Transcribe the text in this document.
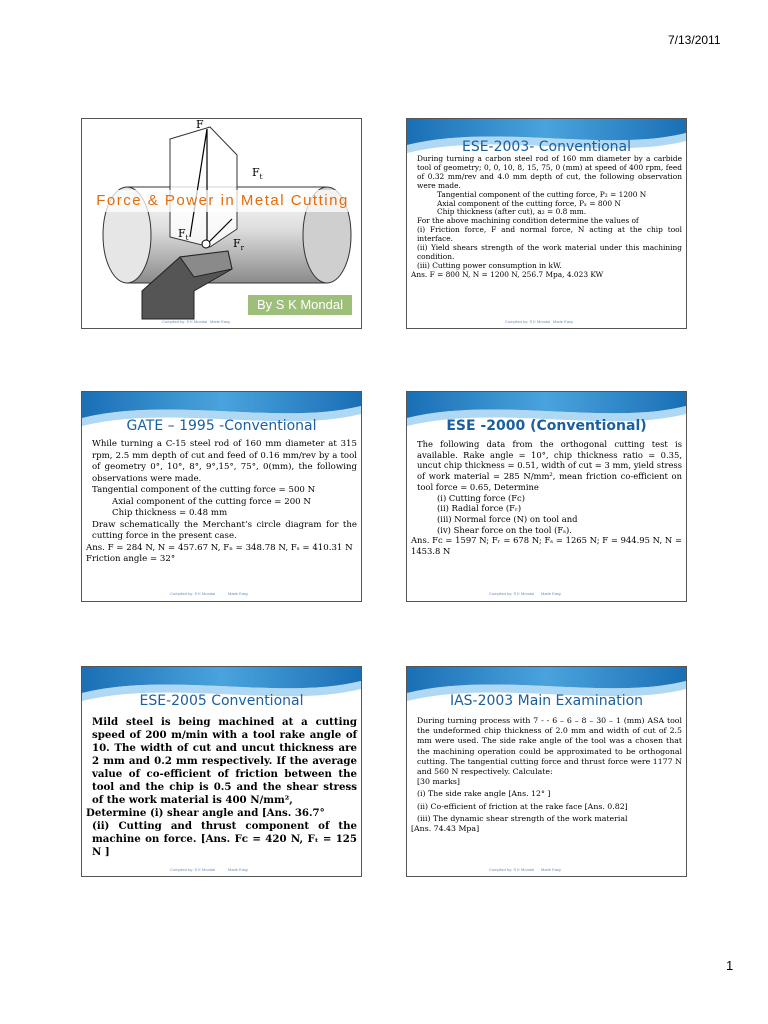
7/13/2011
F
$F_t$
$F_t$	$F_r$
Force & Power in Metal Cutting
By S K Mondal
Compiled by: S K Mondal Made Easy
ESE-2003- Conventional

During turning a carbon steel rod of 160 mm diameter by a carbide tool of geometry; 0, 0, 10, 8, 15, 75, 0 (mm) at speed of 400 rpm, feed of 0.32 mm/rev and 4.0 mm depth of cut, the following observation were made.

Tangential component of the cutting force, P₂ = 1200 N

Axial component of the cutting force, Pₓ = 800 N

Chip thickness (after cut), a₂ = 0.8 mm.

For the above machining condition determine the values of

(i) Friction force, F and normal force, N acting at the chip tool interface.

(ii) Yield shears strength of the work material under this machining condition.

(iii) Cutting power consumption in kW.

Ans. F = 800 N, N = 1200 N, 256.7 Mpa, 4.023 KW

Compiled by: S K Mondal Made Easy
GATE – 1995 -Conventional

While turning a C-15 steel rod of 160 mm diameter at 315 rpm, 2.5 mm depth of cut and feed of 0.16 mm/rev by a tool of geometry 0°, 10°, 8°, 9°,15°, 75°, 0(mm), the following observations were made.

Tangential component of the cutting force = 500 N

Axial component of the cutting force = 200 N

Chip thickness = 0.48 mm

Draw schematically the Merchant’s circle diagram for the cutting force in the present case.

Ans. F = 284 N, N = 457.67 N, Fₙ = 348.78 N, Fₛ = 410.31 N

Friction angle = 32°

Compiled by: S K Mondal	Made Easy
ESE -2000 (Conventional)

The following data from the orthogonal cutting test is available. Rake angle = 10°, chip thickness ratio = 0.35, uncut chip thickness = 0.51, width of cut = 3 mm, yield stress of work material = 285 N/mm², mean friction co-efficient on tool force = 0.65, Determine

(i) Cutting force (Fᴄ)

(ii) Radial force (Fᵣ)

(iii) Normal force (N) on tool and

(iv) Shear force on the tool (Fₛ).

Ans. Fᴄ = 1597 N; Fᵣ = 678 N; Fₛ = 1265 N; F = 944.95 N, N = 1453.8 N

Compiled by: S K Mondal Made Easy
ESE-2005 Conventional

Mild steel is being machined at a cutting speed of 200 m/min with a tool rake angle of 10. The width of cut and uncut thickness are 2 mm and 0.2 mm respectively. If the average value of co-efficient of friction between the tool and the chip is 0.5 and the shear stress of the work material is 400 N/mm²,

Determine (i) shear angle and [Ans. 36.7°

(ii) Cutting and thrust component of the machine on force. [Ans. Fᴄ = 420 N, Fₜ = 125 N ]

Compiled by: S K Mondal	Made Easy
IAS-2003 Main Examination

During turning process with 7 - - 6 – 6 – 8 – 30 – 1 (mm) ASA tool the undeformed chip thickness of 2.0 mm and width of cut of 2.5 mm were used. The side rake angle of the tool was a chosen that the machining operation could be approximated to be orthogonal cutting. The tangential cutting force and thrust force were 1177 N and 560 N respectively. Calculate:

[30 marks]

(i) The side rake angle [Ans. 12° ]

(ii) Co-efficient of friction at the rake face [Ans. 0.82]

(iii) The dynamic shear strength of the work material

[Ans. 74.43 Mpa]

Compiled by: S K Mondal Made Easy
1
